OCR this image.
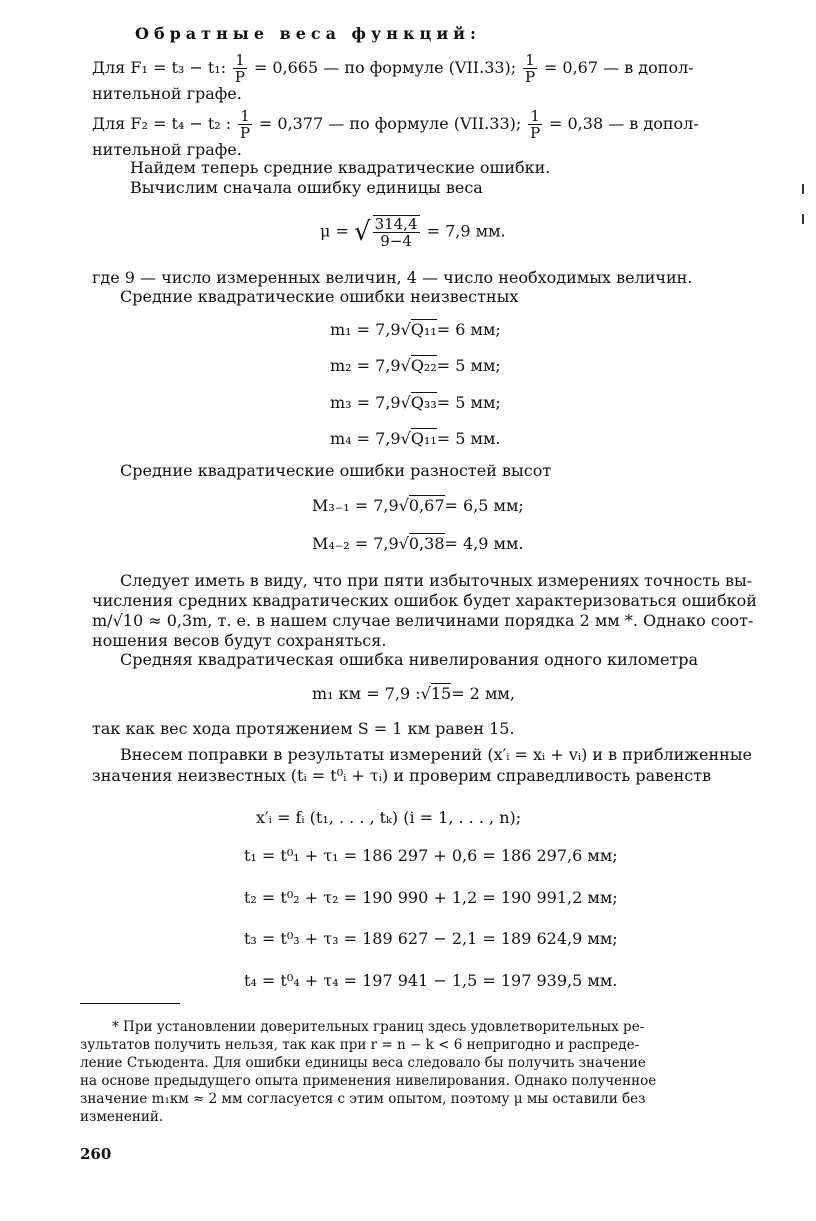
Обратные веса функций:
Для F₁ = t₃ − t₁: $\frac{1}{P} = 0,665$ — по формуле (VII.33); $\frac{1}{P} = 0,67$ — в допол-
нительной графе.
Для F₂ = t₄ − t₂ : $\frac{1}{P} = 0,377$ — по формуле (VII.33); $\frac{1}{P} = 0,38$ — в допол-
нительной графе.
Найдем теперь средние квадратические ошибки.
Вычислим сначала ошибку единицы веса
μ = √ $\frac{314,4}{9-4} = 7,9$ мм.
где 9 — число измеренных величин, 4 — число необходимых величин.
Средние квадратические ошибки неизвестных
m₁ = 7,9√Q₁₁= 6 мм;
m₂ = 7,9√Q₂₂= 5 мм;
m₃ = 7,9√Q₃₃= 5 мм;
m₄ = 7,9√Q₁₁= 5 мм.
Средние квадратические ошибки разностей высот
M₃₋₁ = 7,9√0,67= 6,5 мм;
M₄₋₂ = 7,9√0,38= 4,9 мм.
Следует иметь в виду, что при пяти избыточных измерениях точность вы-
числения средних квадратических ошибок будет характеризоваться ошибкой
m/√10 ≈ 0,3m, т. е. в нашем случае величинами порядка 2 мм *. Однако соот-
ношения весов будут сохраняться.
Средняя квадратическая ошибка нивелирования одного километра
m₁ км = 7,9 :√15= 2 мм,
так как вес хода протяжением S = 1 км равен 15.
Внесем поправки в результаты измерений (x′ᵢ = xᵢ + vᵢ) и в приближенные
значения неизвестных (tᵢ = t⁰ᵢ + τᵢ) и проверим справедливость равенств
x′ᵢ = fᵢ (t₁, . . . , tₖ) (i = 1, . . . , n);
t₁ = t⁰₁ + τ₁ = 186 297 + 0,6 = 186 297,6 мм;
t₂ = t⁰₂ + τ₂ = 190 990 + 1,2 = 190 991,2 мм;
t₃ = t⁰₃ + τ₃ = 189 627 − 2,1 = 189 624,9 мм;
t₄ = t⁰₄ + τ₄ = 197 941 − 1,5 = 197 939,5 мм.
* При установлении доверительных границ здесь удовлетворительных ре-
зультатов получить нельзя, так как при r = n − k < 6 непригодно и распреде-
ление Стьюдента. Для ошибки единицы веса следовало бы получить значение
на основе предыдущего опыта применения нивелирования. Однако полученное
значение m₁км ≈ 2 мм согласуется с этим опытом, поэтому μ мы оставили без
изменений.
260
